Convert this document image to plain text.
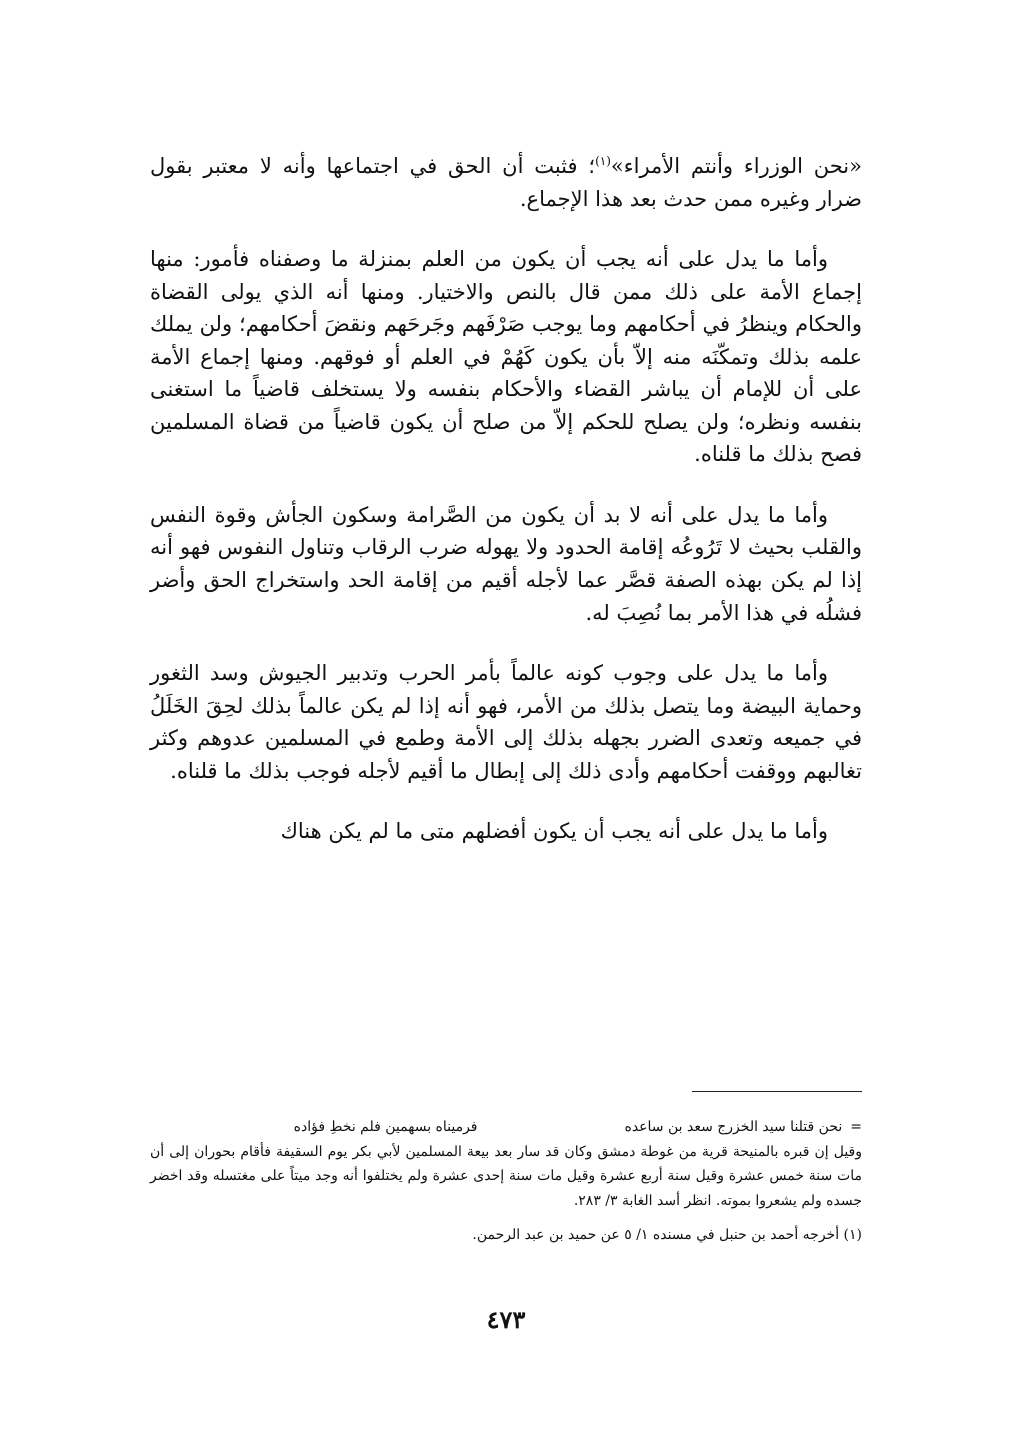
«نحن الوزراء وأنتم الأمراء»$^{(١)}$؛ فثبت أن الحق في اجتماعها وأنه لا معتبر بقول ضرار وغيره ممن حدث بعد هذا الإجماع.

وأما ما يدل على أنه يجب أن يكون من العلم بمنزلة ما وصفناه فأمور: منها إجماع الأمة على ذلك ممن قال بالنص والاختيار. ومنها أنه الذي يولى القضاة والحكام وينظرُ في أحكامهم وما يوجب صَرْفَهم وجَرحَهم ونقضَ أحكامهم؛ ولن يملك علمه بذلك وتمكّنَه منه إلاّ بأن يكون كَهُمْ في العلم أو فوقهم. ومنها إجماع الأمة على أن للإمام أن يباشر القضاء والأحكام بنفسه ولا يستخلف قاضياً ما استغنى بنفسه ونظره؛ ولن يصلح للحكم إلاّ من صلح أن يكون قاضياً من قضاة المسلمين فصح بذلك ما قلناه.

وأما ما يدل على أنه لا بد أن يكون من الصَّرامة وسكون الجأش وقوة النفس والقلب بحيث لا تَرُوعُه إقامة الحدود ولا يهوله ضرب الرقاب وتناول النفوس فهو أنه إذا لم يكن بهذه الصفة قصَّر عما لأجله أقيم من إقامة الحد واستخراج الحق وأضر فشلُه في هذا الأمر بما نُصِبَ له.

وأما ما يدل على وجوب كونه عالماً بأمر الحرب وتدبير الجيوش وسد الثغور وحماية البيضة وما يتصل بذلك من الأمر، فهو أنه إذا لم يكن عالماً بذلك لحِقَ الخَلَلُ في جميعه وتعدى الضرر بجهله بذلك إلى الأمة وطمع في المسلمين عدوهم وكثر تغالبهم ووقفت أحكامهم وأدى ذلك إلى إبطال ما أقيم لأجله فوجب بذلك ما قلناه.

وأما ما يدل على أنه يجب أن يكون أفضلهم متى ما لم يكن هناك

=نحن قتلنا سيد الخزرج سعد بن ساعده
فرميناه بسهمين فلم نخطِ فؤاده
وقيل إن قبره بالمنيحة قرية من غوطة دمشق وكان قد سار بعد بيعة المسلمين لأبي بكر يوم السقيفة فأقام بحوران إلى أن مات سنة خمس عشرة وقيل سنة أربع عشرة وقيل مات سنة إحدى عشرة ولم يختلفوا أنه وجد ميتاً على مغتسله وقد اخضر جسده ولم يشعروا بموته. انظر أسد الغابة ٣/ ٢٨٣.
(١) أخرجه أحمد بن حنبل في مسنده ١/ ٥ عن حميد بن عبد الرحمن.
٤٧٣
